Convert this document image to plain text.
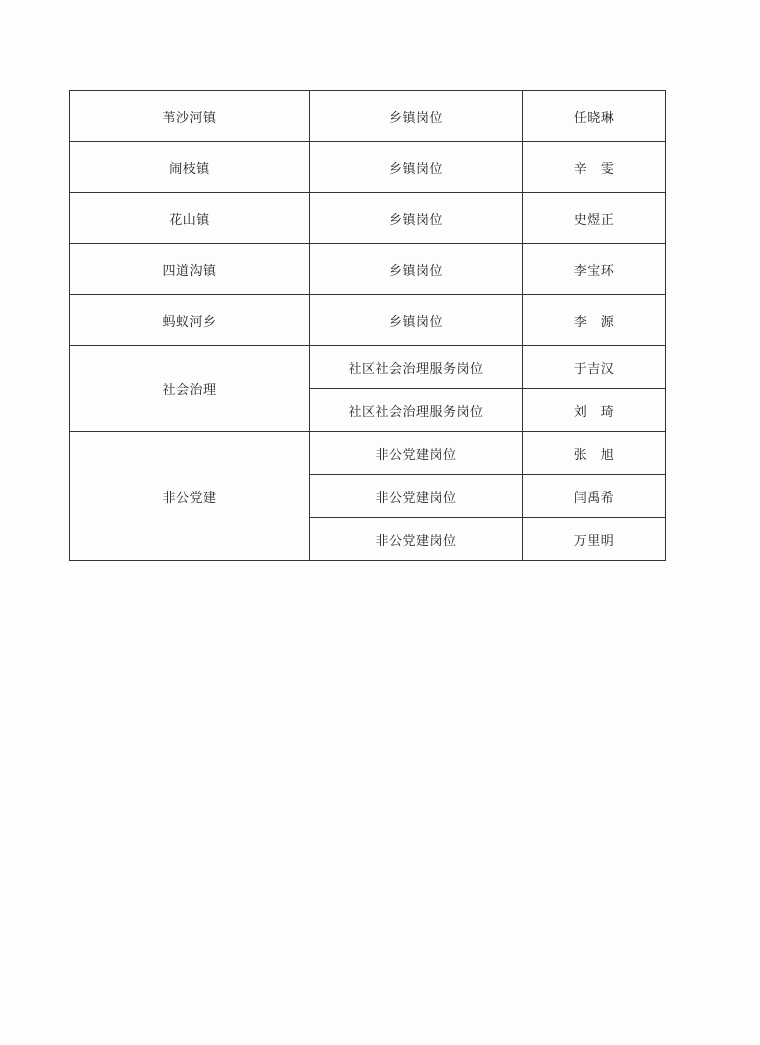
苇沙河镇	乡镇岗位	任晓琳
闹枝镇	乡镇岗位	辛　雯
花山镇	乡镇岗位	史煜正
四道沟镇	乡镇岗位	李宝环
蚂蚁河乡	乡镇岗位	李　源
社会治理	社区社会治理服务岗位	于吉汉
	社区社会治理服务岗位	刘　琦
非公党建	非公党建岗位	张　旭
	非公党建岗位	闫禹希
	非公党建岗位	万里明
